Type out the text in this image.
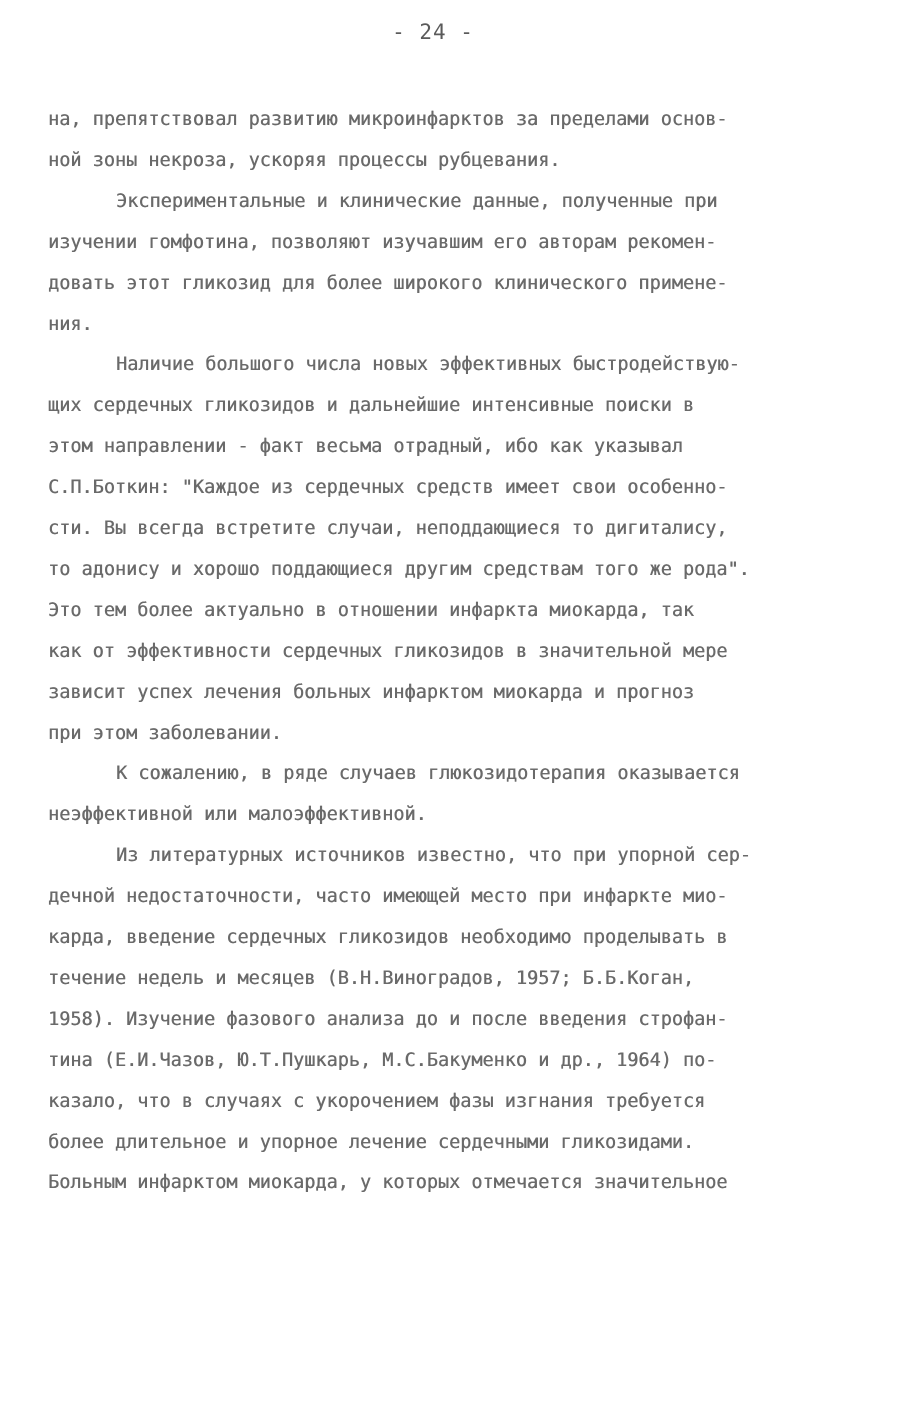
- 24 -
на, препятствовал развитию микроинфарктов за пределами основ-
ной зоны некроза, ускоряя процессы рубцевания.
Экспериментальные и клинические данные, полученные при
изучении гомфотина, позволяют изучавшим его авторам рекомен-
довать этот гликозид для более широкого клинического примене-
ния.
Наличие большого числа новых эффективных быстродействую-
щих сердечных гликозидов и дальнейшие интенсивные поиски в
этом направлении - факт весьма отрадный, ибо как указывал
С.П.Боткин: "Каждое из сердечных средств имеет свои особенно-
сти. Вы всегда встретите случаи, неподдающиеся то дигиталису,
то адонису и хорошо поддающиеся другим средствам того же рода".
Это тем более актуально в отношении инфаркта миокарда, так
как от эффективности сердечных гликозидов в значительной мере
зависит успех лечения больных инфарктом миокарда и прогноз
при этом заболевании.
К сожалению, в ряде случаев глюкозидотерапия оказывается
неэффективной или малоэффективной.
Из литературных источников известно, что при упорной сер-
дечной недостаточности, часто имеющей место при инфаркте мио-
карда, введение сердечных гликозидов необходимо проделывать в
течение недель и месяцев (В.Н.Виноградов, 1957; Б.Б.Коган,
1958). Изучение фазового анализа до и после введения строфан-
тина (Е.И.Чазов, Ю.Т.Пушкарь, М.С.Бакуменко и др., 1964) по-
казало, что в случаях с укорочением фазы изгнания требуется
более длительное и упорное лечение сердечными гликозидами.
Больным инфарктом миокарда, у которых отмечается значительное
